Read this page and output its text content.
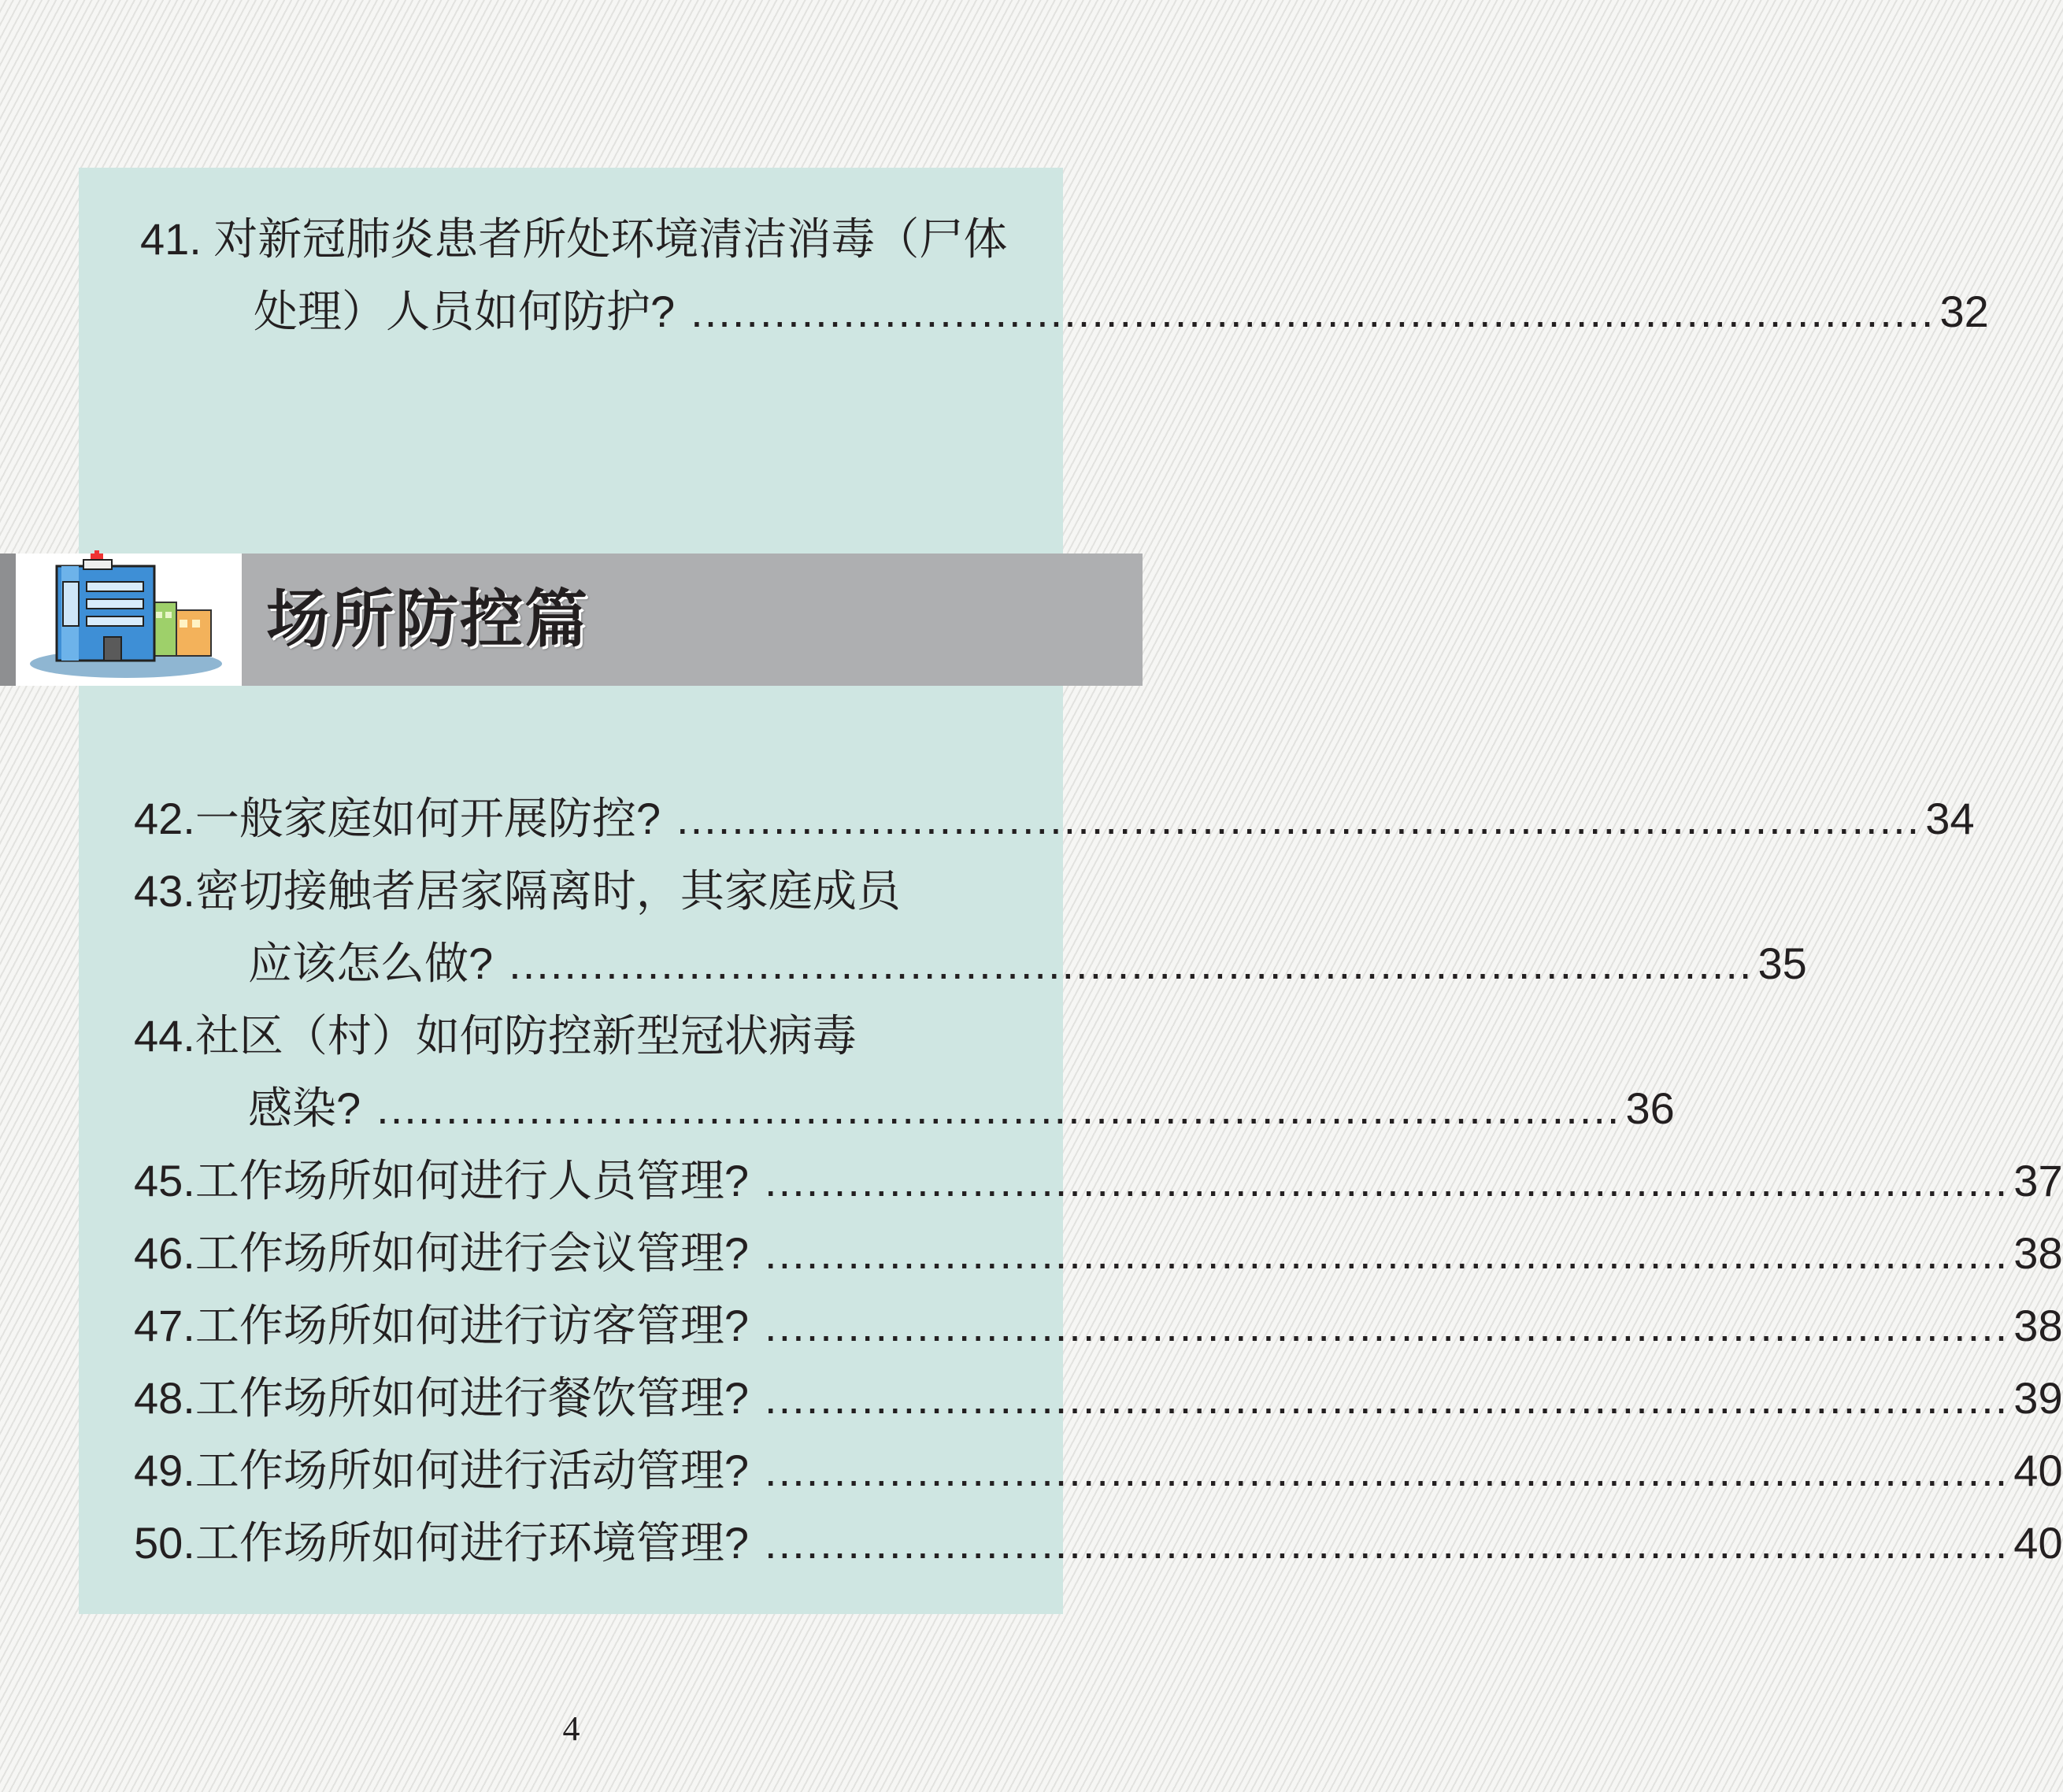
41. 对新冠肺炎患者所处环境清洁消毒（尸体
处理）人员如何防护? .......................................................................................... 32
场所防控篇
42. 一般家庭如何开展防控? .......................................................................................... 34
43. 密切接触者居家隔离时，其家庭成员
应该怎么做? .......................................................................................... 35
44. 社区（村）如何防控新型冠状病毒
感染? .......................................................................................... 36
45. 工作场所如何进行人员管理? .......................................................................................... 37
46. 工作场所如何进行会议管理? .......................................................................................... 38
47. 工作场所如何进行访客管理? .......................................................................................... 38
48. 工作场所如何进行餐饮管理? .......................................................................................... 39
49. 工作场所如何进行活动管理? .......................................................................................... 40
50. 工作场所如何进行环境管理? .......................................................................................... 40
4
